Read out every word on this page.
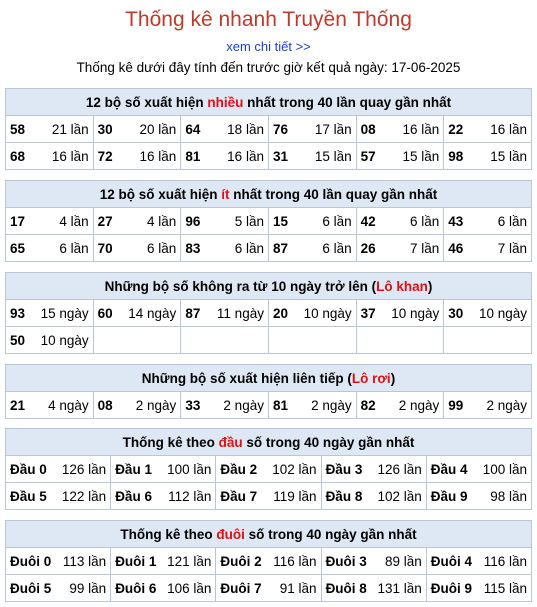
Thống kê nhanh Truyền Thống
xem chi tiết >>
Thống kê dưới đây tính đến trước giờ kết quả ngày: 17-06-2025
12 bộ số xuất hiện nhiều nhất trong 40 lần quay gần nhất					
58 21 lần	30 20 lần	64 18 lần	76 17 lần	08 16 lần	22 16 lần

68 16 lần	72 16 lần	81 16 lần	31 15 lần	57 15 lần	98 15 lần
12 bộ số xuất hiện ít nhất trong 40 lần quay gần nhất					
17 4 lần	27 4 lần	96 5 lần	15 6 lần	42 6 lần	43 6 lần

65 6 lần	70 6 lần	83 6 lần	87 6 lần	26 7 lần	46 7 lần
Những bộ số không ra từ 10 ngày trở lên (Lô khan)					
93 15 ngày	60 14 ngày	87 11 ngày	20 10 ngày	37 10 ngày	30 10 ngày

50 10 ngày					

Những bộ số xuất hiện liên tiếp (Lô rơi)
21 4 ngày	08 2 ngày	33 2 ngày	81 2 ngày	82 2 ngày	99 2 ngày
Thống kê theo đầu số trong 40 ngày gần nhất				
Đầu 0 126 lần	Đầu 1 100 lần	Đầu 2 102 lần	Đầu 3 126 lần	Đầu 4 100 lần

Đầu 5 122 lần	Đầu 6 112 lần	Đầu 7 119 lần	Đầu 8 102 lần	Đầu 9 98 lần
Thống kê theo đuôi số trong 40 ngày gần nhất				
Đuôi 0 113 lần	Đuôi 1 121 lần	Đuôi 2 116 lần	Đuôi 3 89 lần	Đuôi 4 116 lần

Đuôi 5 99 lần	Đuôi 6 106 lần	Đuôi 7 91 lần	Đuôi 8 131 lần	Đuôi 9 115 lần
